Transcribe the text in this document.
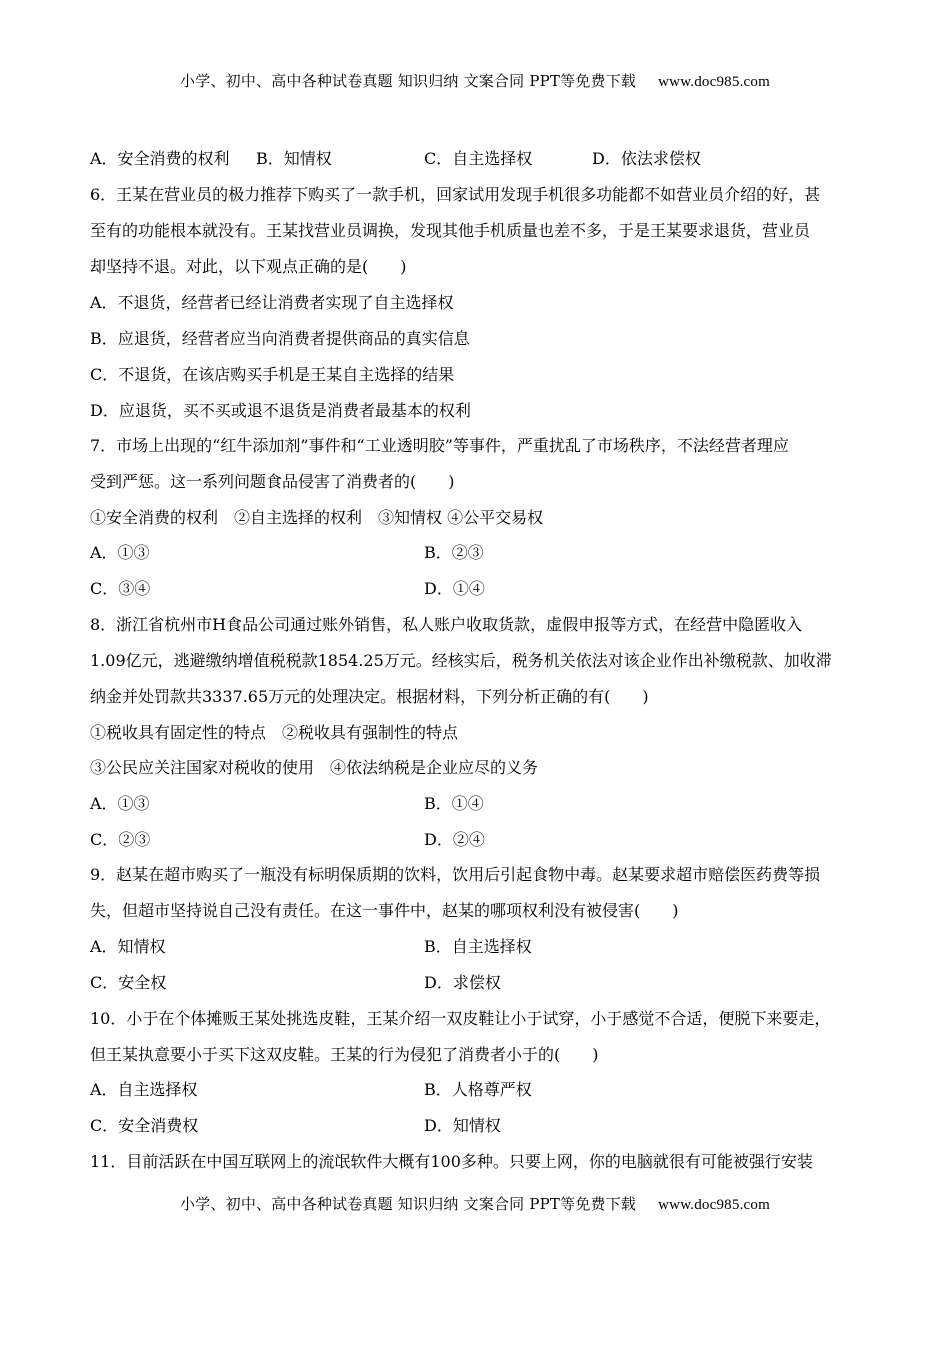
小学、初中、高中各种试卷真题 知识归纳 文案合同 PPT等免费下载 www.doc985.com
A．安全消费的权利 B．知情权	C．自主选择权	D．依法求偿权
6．王某在营业员的极力推荐下购买了一款手机，回家试用发现手机很多功能都不如营业员介绍的好，甚
至有的功能根本就没有。王某找营业员调换，发现其他手机质量也差不多，于是王某要求退货，营业员
却坚持不退。对此，以下观点正确的是(　　)
A．不退货，经营者已经让消费者实现了自主选择权
B．应退货，经营者应当向消费者提供商品的真实信息
C．不退货，在该店购买手机是王某自主选择的结果
D．应退货，买不买或退不退货是消费者最基本的权利
7．市场上出现的“红牛添加剂”事件和“工业透明胶”等事件，严重扰乱了市场秩序，不法经营者理应
受到严惩。这一系列问题食品侵害了消费者的(　　)
①安全消费的权利　②自主选择的权利　③知情权 ④公平交易权
A．①③	B．②③
C．③④	D．①④
8．浙江省杭州市H食品公司通过账外销售，私人账户收取货款，虚假申报等方式，在经营中隐匿收入
1.09亿元，逃避缴纳增值税税款1854.25万元。经核实后，税务机关依法对该企业作出补缴税款、加收滞
纳金并处罚款共3337.65万元的处理决定。根据材料，下列分析正确的有(　　)
①税收具有固定性的特点　②税收具有强制性的特点
③公民应关注国家对税收的使用　④依法纳税是企业应尽的义务
A．①③	B．①④
C．②③	D．②④
9．赵某在超市购买了一瓶没有标明保质期的饮料，饮用后引起食物中毒。赵某要求超市赔偿医药费等损
失，但超市坚持说自己没有责任。在这一事件中，赵某的哪项权利没有被侵害(　　)
A．知情权	B．自主选择权
C．安全权	D．求偿权
10．小于在个体摊贩王某处挑选皮鞋，王某介绍一双皮鞋让小于试穿，小于感觉不合适，便脱下来要走，
但王某执意要小于买下这双皮鞋。王某的行为侵犯了消费者小于的(　　)
A．自主选择权	B．人格尊严权
C．安全消费权	D．知情权
11．目前活跃在中国互联网上的流氓软件大概有100多种。只要上网，你的电脑就很有可能被强行安装
小学、初中、高中各种试卷真题 知识归纳 文案合同 PPT等免费下载 www.doc985.com
